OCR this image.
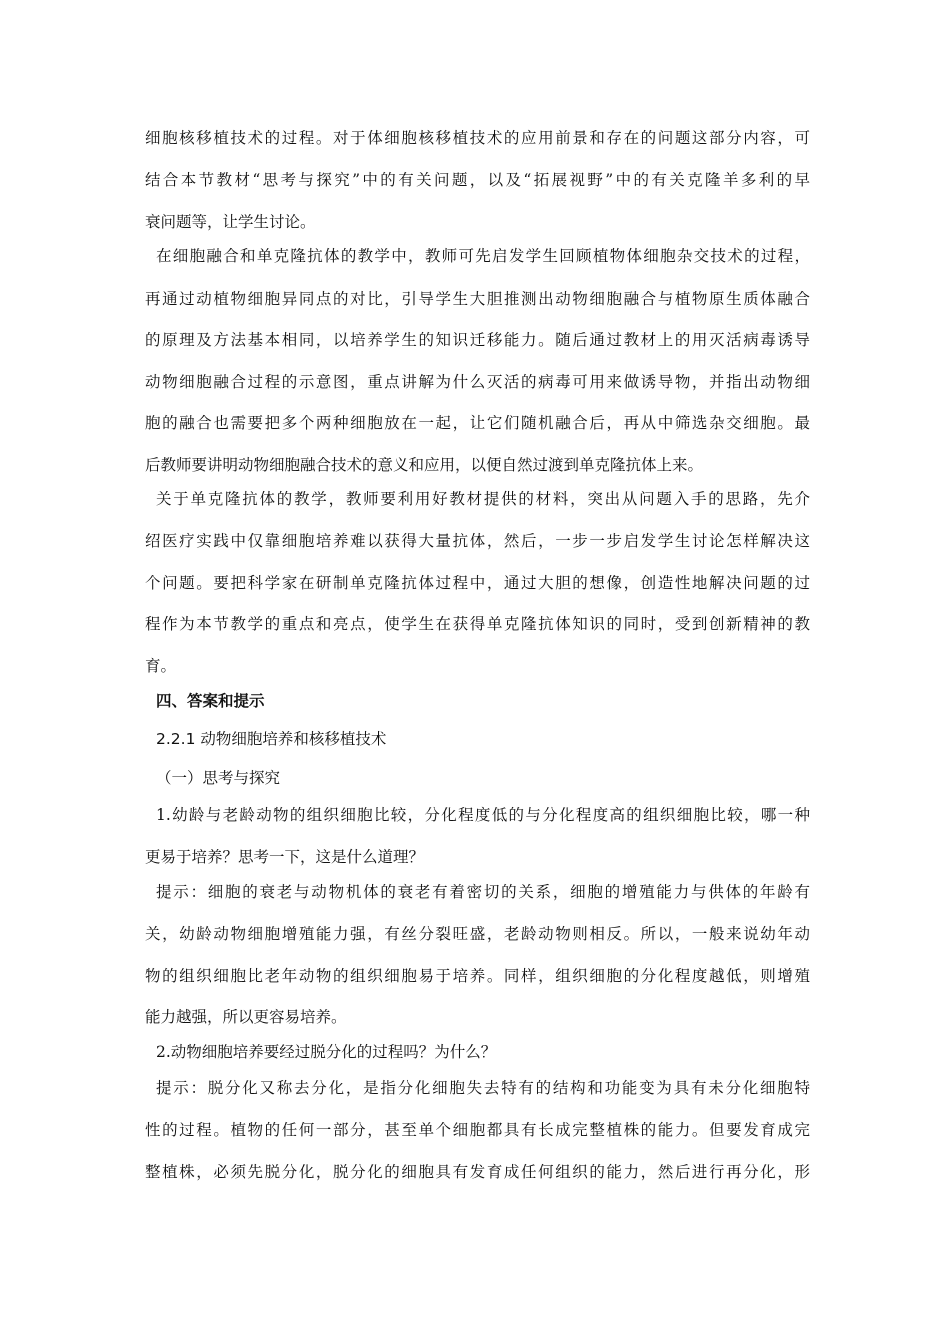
细胞核移植技术的过程。对于体细胞核移植技术的应用前景和存在的问题这部分内容，可
结合本节教材“思考与探究”中的有关问题，以及“拓展视野”中的有关克隆羊多利的早
衰问题等，让学生讨论。
在细胞融合和单克隆抗体的教学中，教师可先启发学生回顾植物体细胞杂交技术的过程，
再通过动植物细胞异同点的对比，引导学生大胆推测出动物细胞融合与植物原生质体融合
的原理及方法基本相同，以培养学生的知识迁移能力。随后通过教材上的用灭活病毒诱导
动物细胞融合过程的示意图，重点讲解为什么灭活的病毒可用来做诱导物，并指出动物细
胞的融合也需要把多个两种细胞放在一起，让它们随机融合后，再从中筛选杂交细胞。最
后教师要讲明动物细胞融合技术的意义和应用，以便自然过渡到单克隆抗体上来。
关于单克隆抗体的教学，教师要利用好教材提供的材料，突出从问题入手的思路，先介
绍医疗实践中仅靠细胞培养难以获得大量抗体，然后，一步一步启发学生讨论怎样解决这
个问题。要把科学家在研制单克隆抗体过程中，通过大胆的想像，创造性地解决问题的过
程作为本节教学的重点和亮点，使学生在获得单克隆抗体知识的同时，受到创新精神的教
育。
四、答案和提示
2.2.1 动物细胞培养和核移植技术
（一）思考与探究
1.幼龄与老龄动物的组织细胞比较，分化程度低的与分化程度高的组织细胞比较，哪一种
更易于培养？思考一下，这是什么道理？
提示：细胞的衰老与动物机体的衰老有着密切的关系，细胞的增殖能力与供体的年龄有
关，幼龄动物细胞增殖能力强，有丝分裂旺盛，老龄动物则相反。所以，一般来说幼年动
物的组织细胞比老年动物的组织细胞易于培养。同样，组织细胞的分化程度越低，则增殖
能力越强，所以更容易培养。
2.动物细胞培养要经过脱分化的过程吗？为什么？
提示：脱分化又称去分化，是指分化细胞失去特有的结构和功能变为具有未分化细胞特
性的过程。植物的任何一部分，甚至单个细胞都具有长成完整植株的能力。但要发育成完
整植株，必须先脱分化，脱分化的细胞具有发育成任何组织的能力，然后进行再分化，形
